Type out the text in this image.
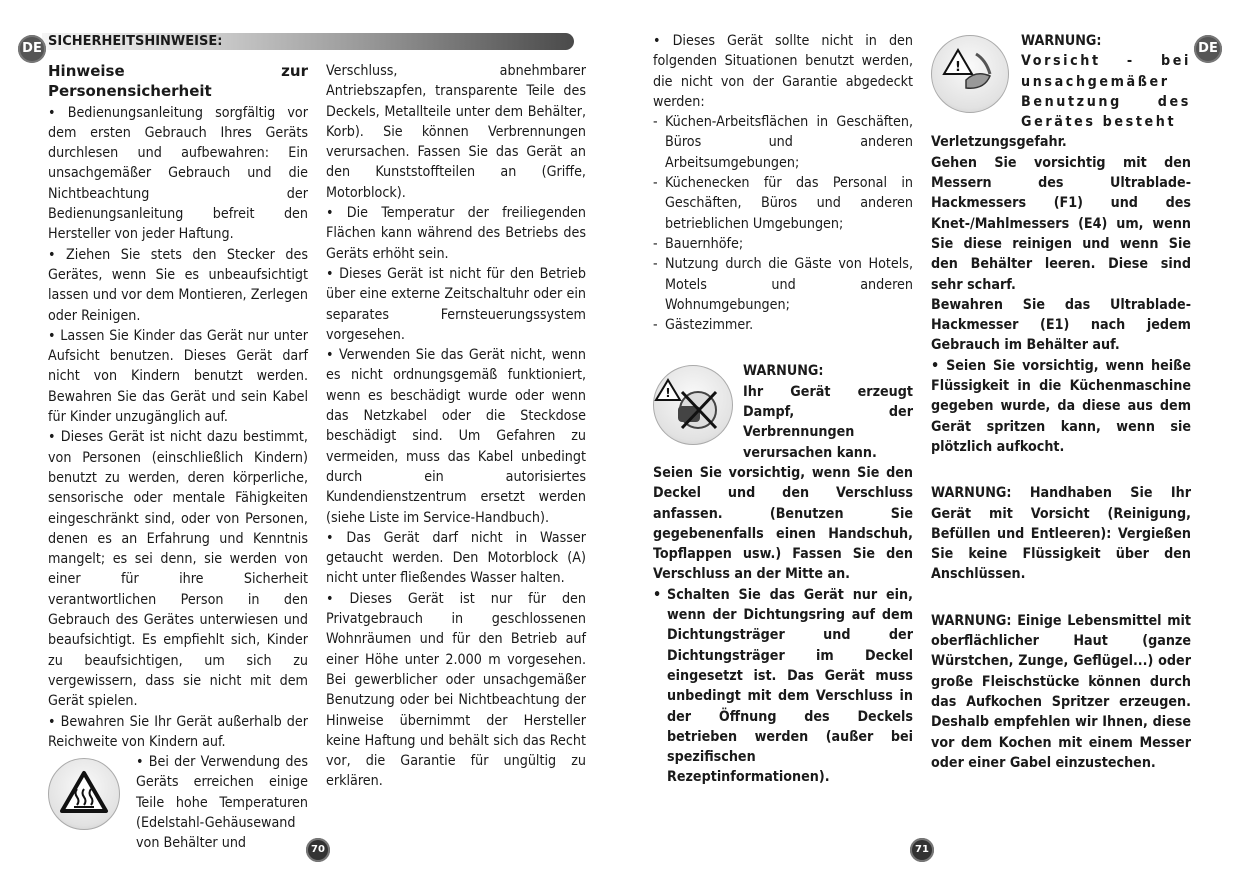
SICHERHEITSHINWEISE:
DE

Hinweise zur Personensicherheit

• Bedienungsanleitung sorgfältig vor dem ersten Gebrauch Ihres Geräts durchlesen und aufbewahren: Ein unsachgemäßer Gebrauch und die Nichtbeachtung der Bedienungsanleitung befreit den Hersteller von jeder Haftung.

• Ziehen Sie stets den Stecker des Gerätes, wenn Sie es unbeaufsichtigt lassen und vor dem Montieren, Zerlegen oder Reinigen.

• Lassen Sie Kinder das Gerät nur unter Aufsicht benutzen. Dieses Gerät darf nicht von Kindern benutzt werden. Bewahren Sie das Gerät und sein Kabel für Kinder unzugänglich auf.

• Dieses Gerät ist nicht dazu bestimmt, von Personen (einschließlich Kindern) benutzt zu werden, deren körperliche, sensorische oder mentale Fähigkeiten eingeschränkt sind, oder von Personen, denen es an Erfahrung und Kenntnis mangelt; es sei denn, sie werden von einer für ihre Sicherheit verantwortlichen Person in den Gebrauch des Gerätes unterwiesen und beaufsichtigt. Es empfiehlt sich, Kinder zu beaufsichtigen, um sich zu vergewissern, dass sie nicht mit dem Gerät spielen.

• Bewahren Sie Ihr Gerät außerhalb der Reichweite von Kindern auf.

• Bei der Verwendung des Geräts erreichen einige Teile hohe Temperaturen (Edelstahl-Gehäusewand von Behälter und

Verschluss, abnehmbarer Antriebszapfen, transparente Teile des Deckels, Metallteile unter dem Behälter, Korb). Sie können Verbrennungen verursachen. Fassen Sie das Gerät an den Kunststoffteilen an (Griffe, Motorblock).

• Die Temperatur der freiliegenden Flächen kann während des Betriebs des Geräts erhöht sein.

• Dieses Gerät ist nicht für den Betrieb über eine externe Zeitschaltuhr oder ein separates Fernsteuerungssystem vorgesehen.

• Verwenden Sie das Gerät nicht, wenn es nicht ordnungsgemäß funktioniert, wenn es beschädigt wurde oder wenn das Netzkabel oder die Steckdose beschädigt sind. Um Gefahren zu vermeiden, muss das Kabel unbedingt durch ein autorisiertes Kundendienstzentrum ersetzt werden (siehe Liste im Service-Handbuch).

• Das Gerät darf nicht in Wasser getaucht werden. Den Motorblock (A) nicht unter fließendes Wasser halten.

• Dieses Gerät ist nur für den Privatgebrauch in geschlossenen Wohnräumen und für den Betrieb auf einer Höhe unter 2.000 m vorgesehen. Bei gewerblicher oder unsachgemäßer Benutzung oder bei Nichtbeachtung der Hinweise übernimmt der Hersteller keine Haftung und behält sich das Recht vor, die Garantie für ungültig zu erklären.

70
DE

• Dieses Gerät sollte nicht in den folgenden Situationen benutzt werden, die nicht von der Garantie abgedeckt werden:

- Küchen-Arbeitsflächen in Geschäften, Büros und anderen Arbeitsumgebungen;
- Küchenecken für das Personal in Geschäften, Büros und anderen betrieblichen Umgebungen;
- Bauernhöfe;
- Nutzung durch die Gäste von Hotels, Motels und anderen Wohnumgebungen;
- Gästezimmer.
!

WARNUNG:

Ihr Gerät erzeugt Dampf, der Verbrennungen verursachen kann.

Seien Sie vorsichtig, wenn Sie den Deckel und den Verschluss anfassen. (Benutzen Sie gegebenenfalls einen Handschuh, Topflappen usw.) Fassen Sie den Verschluss an der Mitte an.

• Schalten Sie das Gerät nur ein, wenn der Dichtungsring auf dem Dichtungsträger und der Dichtungsträger im Deckel eingesetzt ist. Das Gerät muss unbedingt mit dem Verschluss in der Öffnung des Deckels betrieben werden (außer bei spezifischen Rezeptinformationen).

!

WARNUNG:

Vorsicht - bei unsachgemäßer Benutzung des Gerätes besteht

Verletzungsgefahr.

Gehen Sie vorsichtig mit den Messern des Ultrablade-Hackmessers (F1) und des Knet-/Mahlmessers (E4) um, wenn Sie diese reinigen und wenn Sie den Behälter leeren. Diese sind sehr scharf.

Bewahren Sie das Ultrablade-Hackmesser (E1) nach jedem Gebrauch im Behälter auf.

• Seien Sie vorsichtig, wenn heiße Flüssigkeit in die Küchenmaschine gegeben wurde, da diese aus dem Gerät spritzen kann, wenn sie plötzlich aufkocht.

WARNUNG: Handhaben Sie Ihr Gerät mit Vorsicht (Reinigung, Befüllen und Entleeren): Vergießen Sie keine Flüssigkeit über den Anschlüssen.

WARNUNG: Einige Lebensmittel mit oberflächlicher Haut (ganze Würstchen, Zunge, Geflügel...) oder große Fleischstücke können durch das Aufkochen Spritzer erzeugen. Deshalb empfehlen wir Ihnen, diese vor dem Kochen mit einem Messer oder einer Gabel einzustechen.

71
